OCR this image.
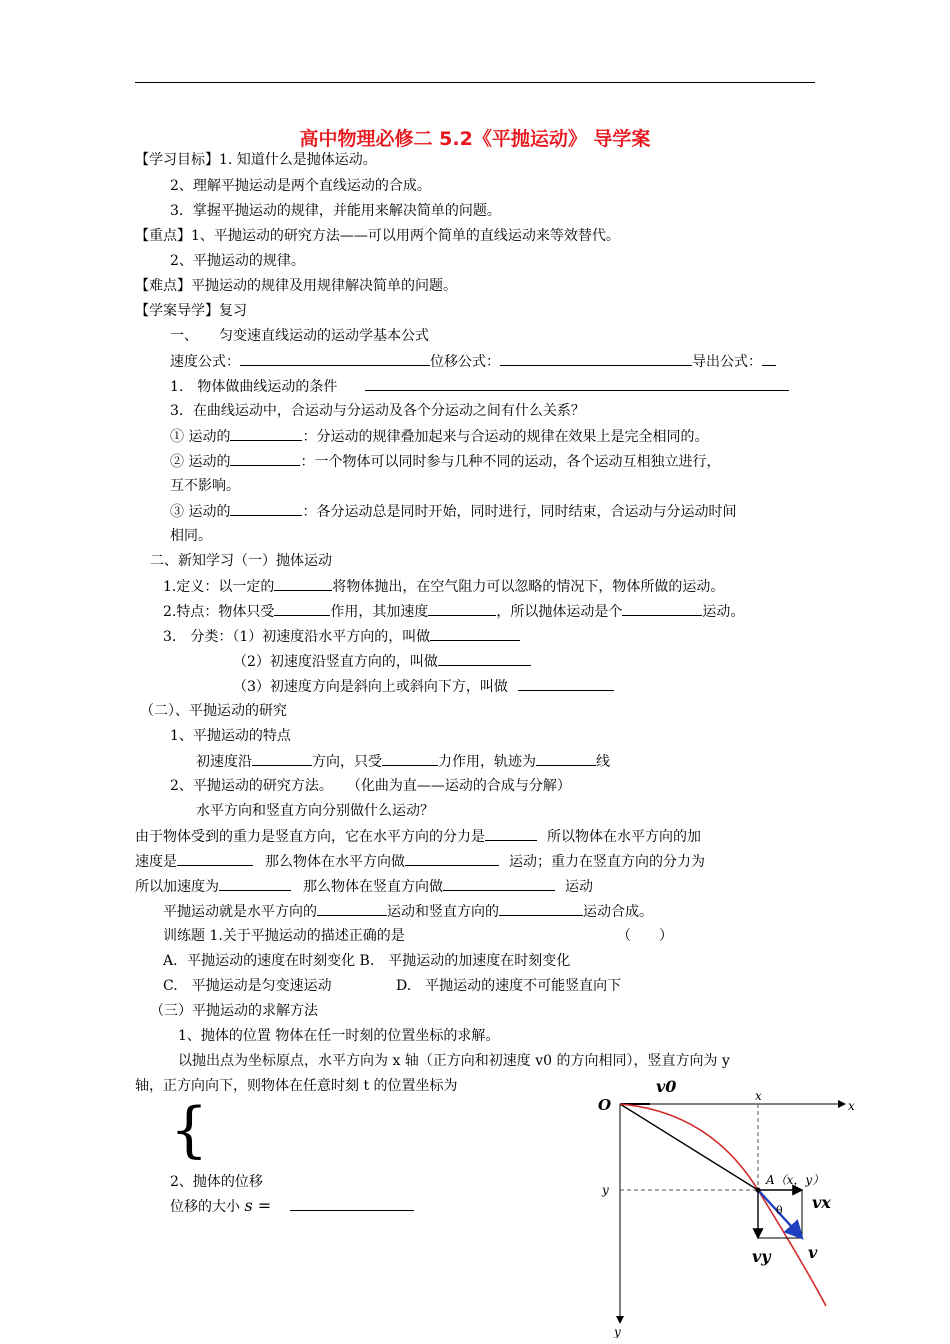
高中物理必修二 5.2《平抛运动》 导学案
【学习目标】1. 知道什么是抛体运动。
2、理解平抛运动是两个直线运动的合成。
3．掌握平抛运动的规律，并能用来解决简单的问题。
【重点】1、平抛运动的研究方法——可以用两个简单的直线运动来等效替代。
2、平抛运动的规律。
【难点】平抛运动的规律及用规律解决简单的问题。
【学案导学】复习
一、　　匀变速直线运动的运动学基本公式
速度公式：	位移公式：	导出公式：
1.　物体做曲线运动的条件
3．在曲线运动中，合运动与分运动及各个分运动之间有什么关系？
① 运动的	：分运动的规律叠加起来与合运动的规律在效果上是完全相同的。
② 运动的	：一个物体可以同时参与几种不同的运动，各个运动互相独立进行，
互不影响。
③ 运动的	：各分运动总是同时开始，同时进行，同时结束，合运动与分运动时间
相同。
二、新知学习（一）抛体运动
1.定义：以一定的	将物体抛出，在空气阻力可以忽略的情况下，物体所做的运动。
2.特点：物体只受	作用，其加速度	，所以抛体运动是个	运动。
3.　分类：（1）初速度沿水平方向的，叫做
（2）初速度沿竖直方向的，叫做
（3）初速度方向是斜向上或斜向下方，叫做
（二）、平抛运动的研究
1、平抛运动的特点
初速度沿	方向，只受	力作用，轨迹为	线
2、平抛运动的研究方法。　　（化曲为直——运动的合成与分解）
水平方向和竖直方向分别做什么运动？
由于物体受到的重力是竖直方向，它在水平方向的分力是	所以物体在水平方向的加
速度是	那么物体在水平方向做	运动；重力在竖直方向的分力为
所以加速度为	那么物体在竖直方向做	运动
平抛运动就是水平方向的	运动和竖直方向的	运动合成。
训练题 1.关于平抛运动的描述正确的是	（　　）
A．平抛运动的速度在时刻变化 B.　平抛运动的加速度在时刻变化
C.　平抛运动是匀变速运动	D.　平抛运动的速度不可能竖直向下
（三）平抛运动的求解方法
1、抛体的位置 物体在任一时刻的位置坐标的求解。
以抛出点为坐标原点，水平方向为 x 轴（正方向和初速度 v0 的方向相同），竖直方向为 y
轴，正方向向下，则物体在任意时刻 t 的位置坐标为
{
2、抛体的位移
位移的大小 s =
O
v0
x
x
y
y
A（x，y）
vx
vy v
θ
